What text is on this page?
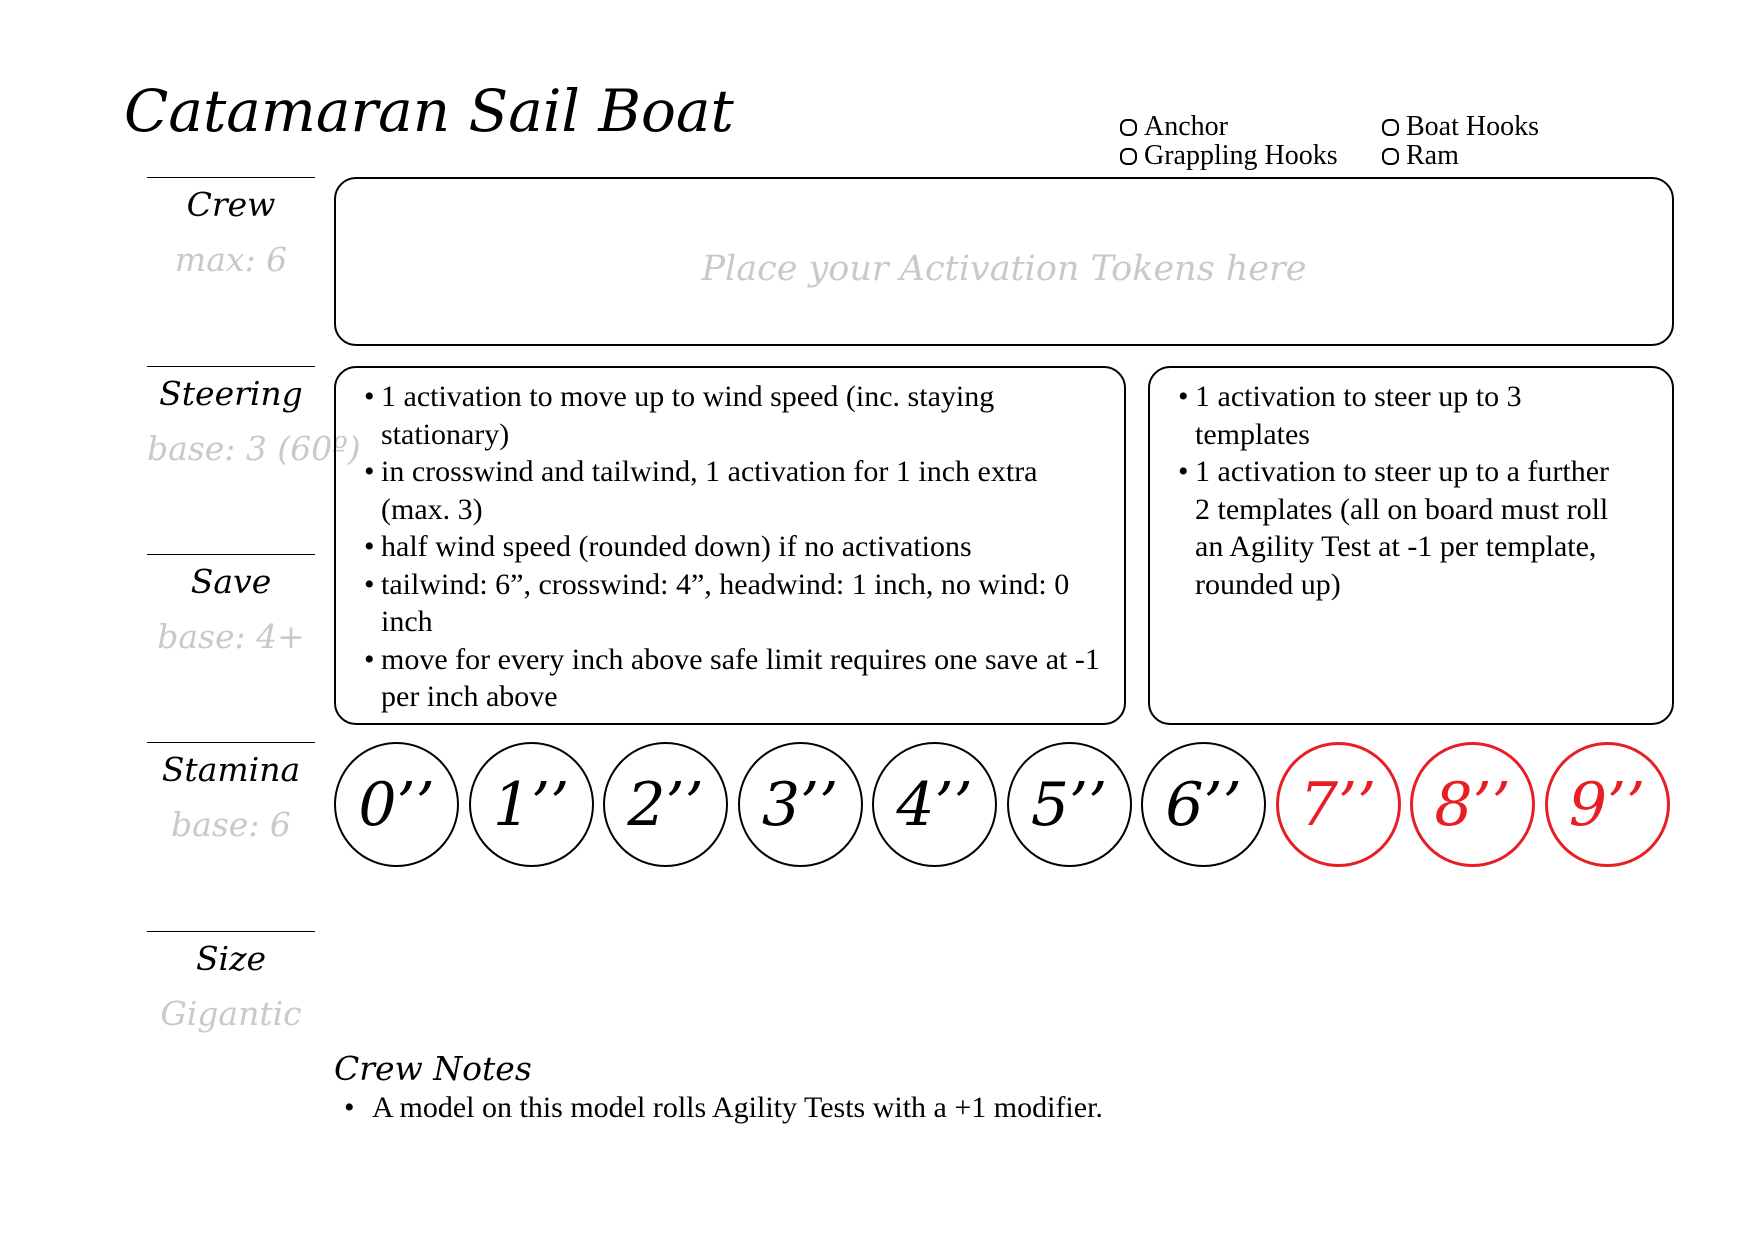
Catamaran Sail Boat	Anchor	Boat Hooks
Grappling Hooks Ram
Crew
max: 6
Steering
base: 3 (60º)
Save
base: 4+
Stamina
base: 6
Size
Gigantic
Place your Activation Tokens here
• 1 activation to move up to wind speed (inc. staying stationary)
• in crosswind and tailwind, 1 activation for 1 inch extra (max. 3)
• half wind speed (rounded down) if no activations
• tailwind: 6”, crosswind: 4”, headwind: 1 inch, no wind: 0 inch
• move for every inch above safe limit requires one save at -1 per inch above
• 1 activation to steer up to 3 templates
• 1 activation to steer up to a further 2 templates (all on board must roll an Agility Test at -1 per template, rounded up)
0’’ 1’’ 2’’ 3’’ 4’’ 5’’ 6’’ 7’’ 8’’ 9’’
Crew Notes
• A model on this model rolls Agility Tests with a +1 modifier.
